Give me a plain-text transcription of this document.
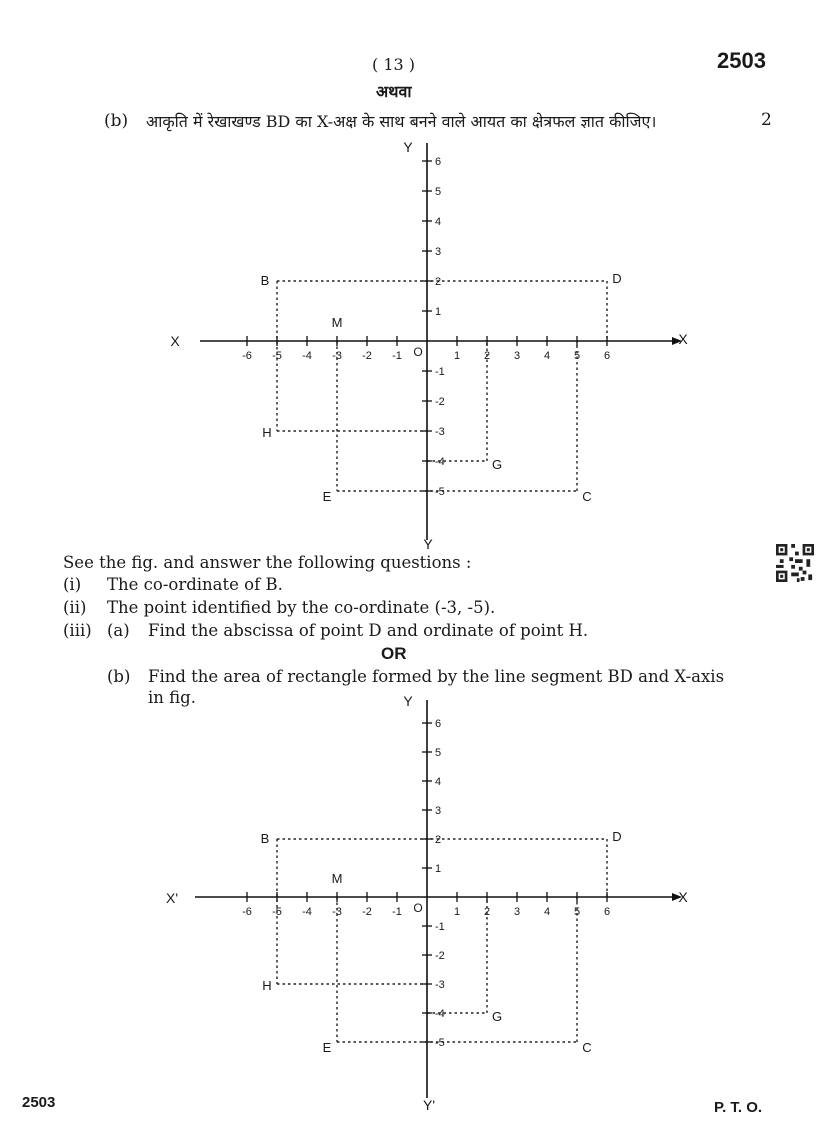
( 13 )	2503
अथवा
(b) आकृति में रेखाखण्ड BD का X-अक्ष के साथ बनने वाले आयत का क्षेत्रफल ज्ञात कीजिए।	2
X	X
Y
Y
-6 -5 -4 -3 -2 -1	1 2 3 4 5 6
6
5
4
3
2
1
-1
-2
-3
-4
-5
O
B	D
M
H
G
E	C
See the fig. and answer the following questions :
(i) The co-ordinate of B.
(ii) The point identified by the co-ordinate (-3, -5).
(iii) (a) Find the abscissa of point D and ordinate of point H.
OR
(b) Find the area of rectangle formed by the line segment BD and X-axis
in fig.
X'	X
Y
Y'
-6 -5 -4 -3 -2 -1	1 2 3 4 5 6
6
5
4
3
2
1
-1
-2
-3
-4
-5
O
B	D
M
H
G
E	C
2503	P. T. O.
